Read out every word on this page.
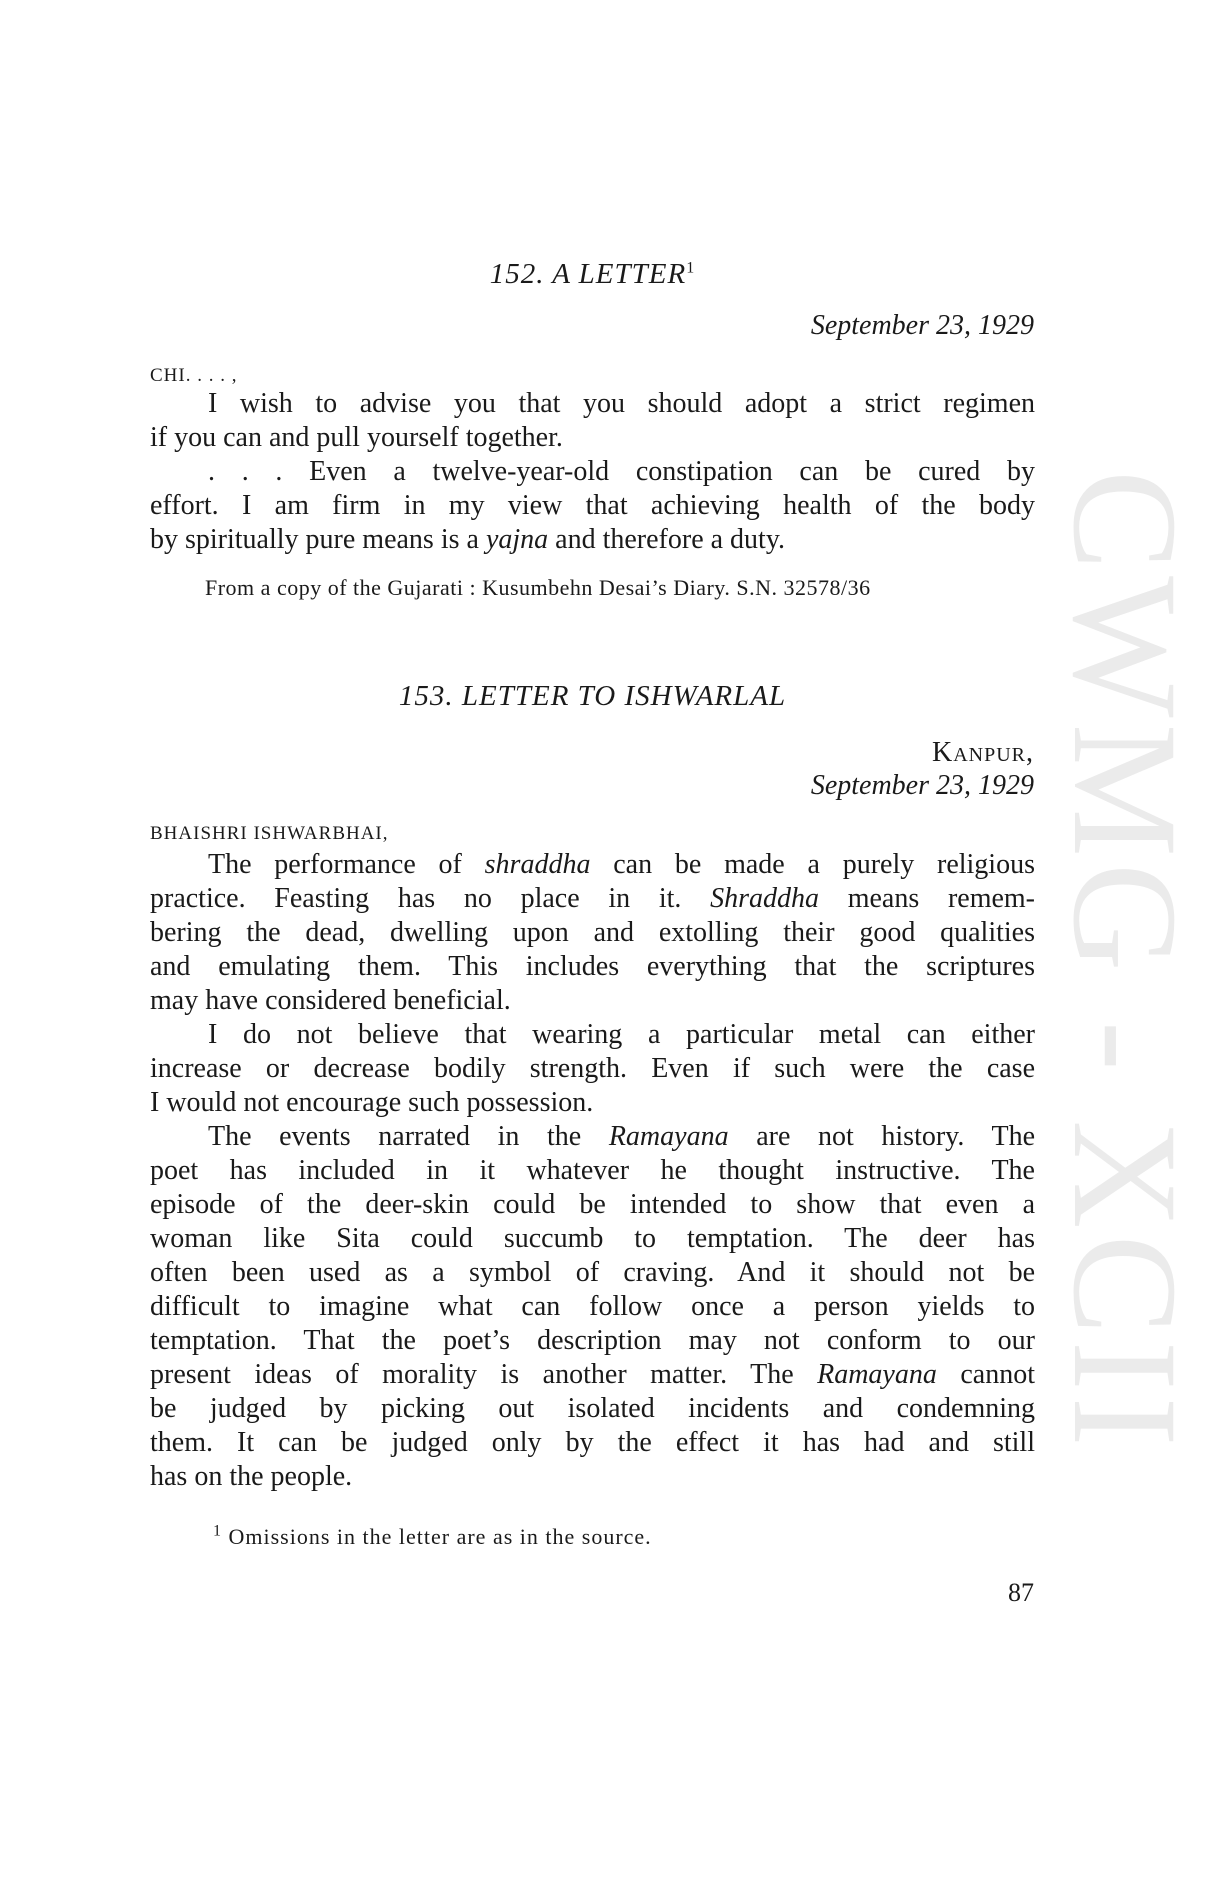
CWMG - XCII
152. A LETTER$^1$
September 23, 1929
CHI. . . . ,
I wish to advise you that you should adopt a strict regimen
if you can and pull yourself together.
. . . Even a twelve-year-old constipation can be cured by
effort. I am firm in my view that achieving health of the body
by spiritually pure means is a yajna and therefore a duty.
From a copy of the Gujarati : Kusumbehn Desai’s Diary. S.N. 32578/36
153. LETTER TO ISHWARLAL
Kanpur,
September 23, 1929
BHAISHRI ISHWARBHAI,
The performance of shraddha can be made a purely religious
practice. Feasting has no place in it. Shraddha means remem-
bering the dead, dwelling upon and extolling their good qualities
and emulating them. This includes everything that the scriptures
may have considered beneficial.
I do not believe that wearing a particular metal can either
increase or decrease bodily strength. Even if such were the case
I would not encourage such possession.
The events narrated in the Ramayana are not history. The
poet has included in it whatever he thought instructive. The
episode of the deer-skin could be intended to show that even a
woman like Sita could succumb to temptation. The deer has
often been used as a symbol of craving. And it should not be
difficult to imagine what can follow once a person yields to
temptation. That the poet’s description may not conform to our
present ideas of morality is another matter. The Ramayana cannot
be judged by picking out isolated incidents and condemning
them. It can be judged only by the effect it has had and still
has on the people.
$^1$ Omissions in the letter are as in the source.
87
